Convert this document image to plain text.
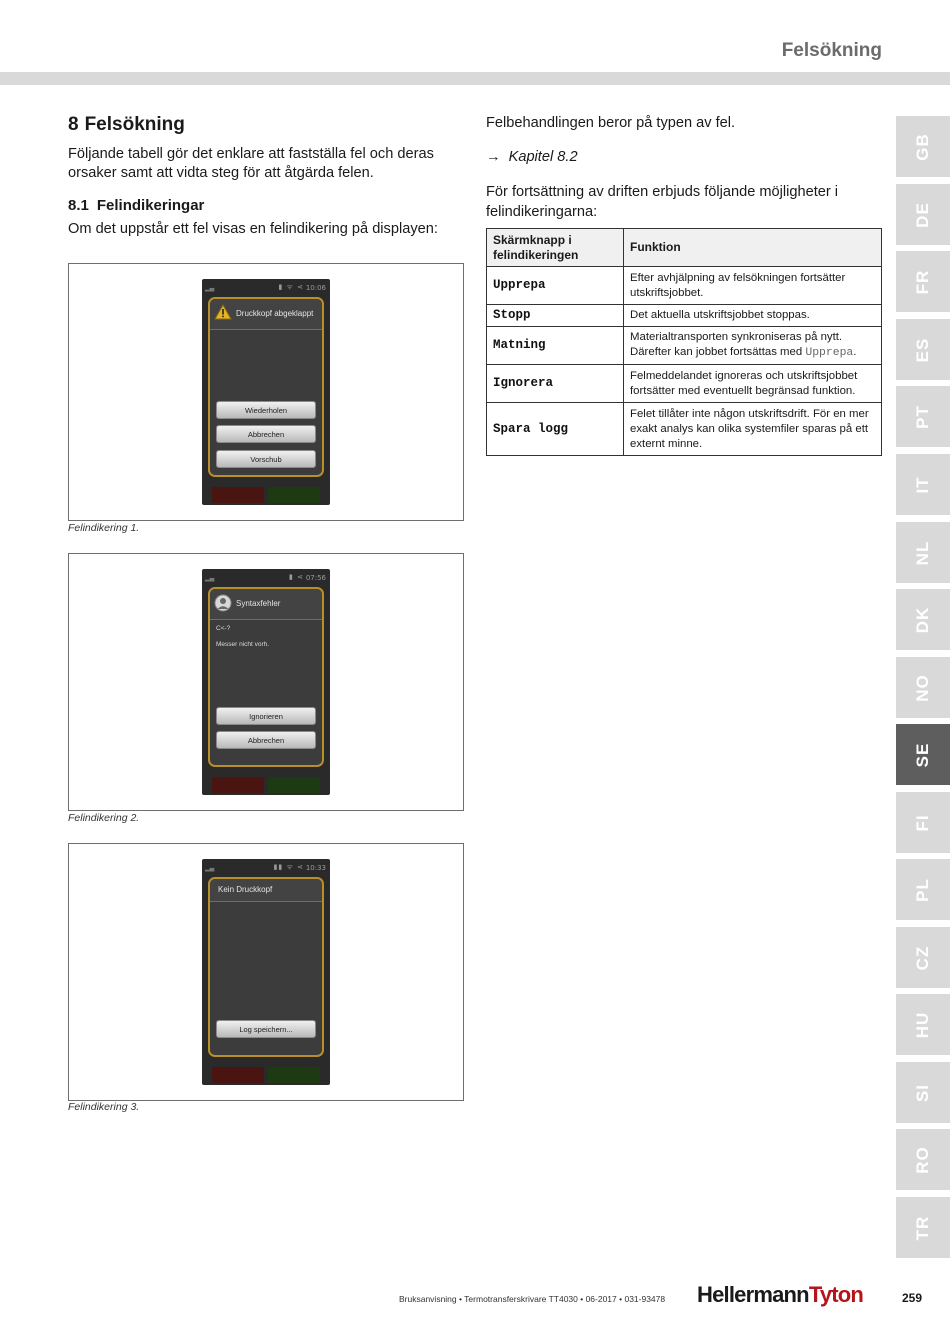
Felsökning
8 Felsökning
Följande tabell gör det enklare att fastställa fel och deras orsaker samt att vidta steg för att åtgärda felen.
8.1 Felindikeringar
Om det uppstår ett fel visas en felindikering på displayen:
▂▄	▮ ᯤ ⋖ 10:06
Druckkopf abgeklappt
Wiederholen
Abbrechen
Vorschub
Felindikering 1.
▂▄	▮ ⋖ 07:56
Syntaxfehler
C<-?
Messer nicht vorh.
Ignorieren
Abbrechen
Felindikering 2.
▂▄	▮▮ ᯤ ⋖ 10:33
Kein Druckkopf
Log speichern...
Felindikering 3.
Felbehandlingen beror på typen av fel.
→ Kapitel 8.2
För fortsättning av driften erbjuds följande möjligheter i felindikeringarna:
Skärmknapp i felindikeringen	Funktion
Upprepa	Efter avhjälpning av felsökningen fortsätter utskriftsjobbet.
Stopp	Det aktuella utskriftsjobbet stoppas.
Matning	Materialtransporten synkroniseras på nytt. Därefter kan jobbet fortsättas med Upprepa.
Ignorera	Felmeddelandet ignoreras och utskriftsjobbet fortsätter med eventuellt begränsad funktion.
Spara logg	Felet tillåter inte någon utskriftsdrift. För en mer exakt analys kan olika systemfiler sparas på ett externt minne.
GB
DE
FR
ES
PT
IT
NL
DK
NO
SE
FI
PL
CZ
HU
SI
RO
TR
Bruksanvisning • Termotransferskrivare TT4030 • 06-2017 • 031-93478 HellermannTyton	259
